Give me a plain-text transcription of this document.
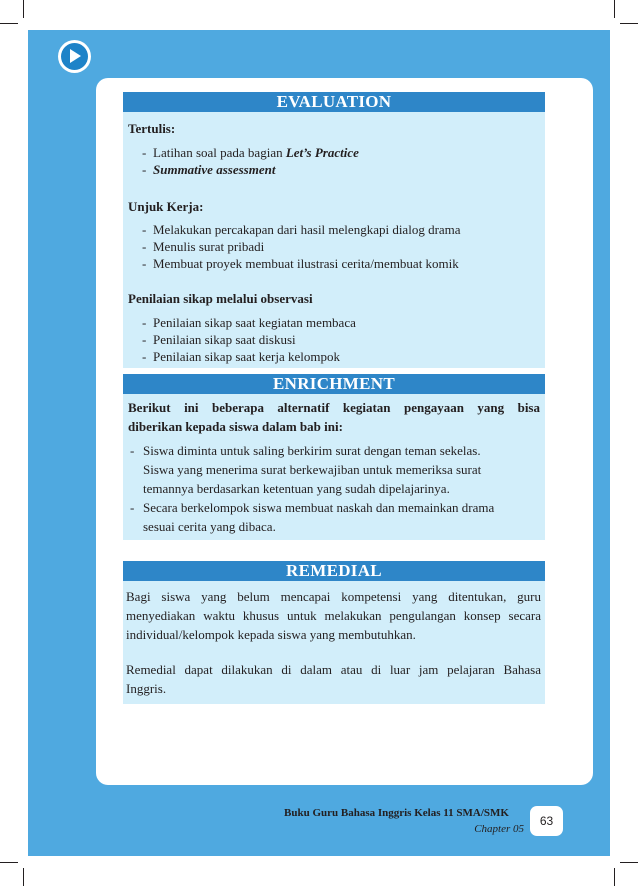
EVALUATION
Tertulis:
- Latihan soal pada bagian Let’s Practice
- Summative assessment
Unjuk Kerja:
- Melakukan percakapan dari hasil melengkapi dialog drama
- Menulis surat pribadi
- Membuat proyek membuat ilustrasi cerita/membuat komik
Penilaian sikap melalui observasi
- Penilaian sikap saat kegiatan membaca
- Penilaian sikap saat diskusi
- Penilaian sikap saat kerja kelompok
ENRICHMENT
Berikut ini beberapa alternatif kegiatan pengayaan yang bisa
diberikan kepada siswa dalam bab ini:
- Siswa diminta untuk saling berkirim surat dengan teman sekelas.
Siswa yang menerima surat berkewajiban untuk memeriksa surat
temannya berdasarkan ketentuan yang sudah dipelajarinya.
- Secara berkelompok siswa membuat naskah dan memainkan drama
sesuai cerita yang dibaca.
REMEDIAL
Bagi siswa yang belum mencapai kompetensi yang ditentukan, guru
menyediakan waktu khusus untuk melakukan pengulangan konsep secara
individual/kelompok kepada siswa yang membutuhkan.
Remedial dapat dilakukan di dalam atau di luar jam pelajaran Bahasa
Inggris.
Buku Guru Bahasa Inggris Kelas 11 SMA/SMK
Chapter 05
63
